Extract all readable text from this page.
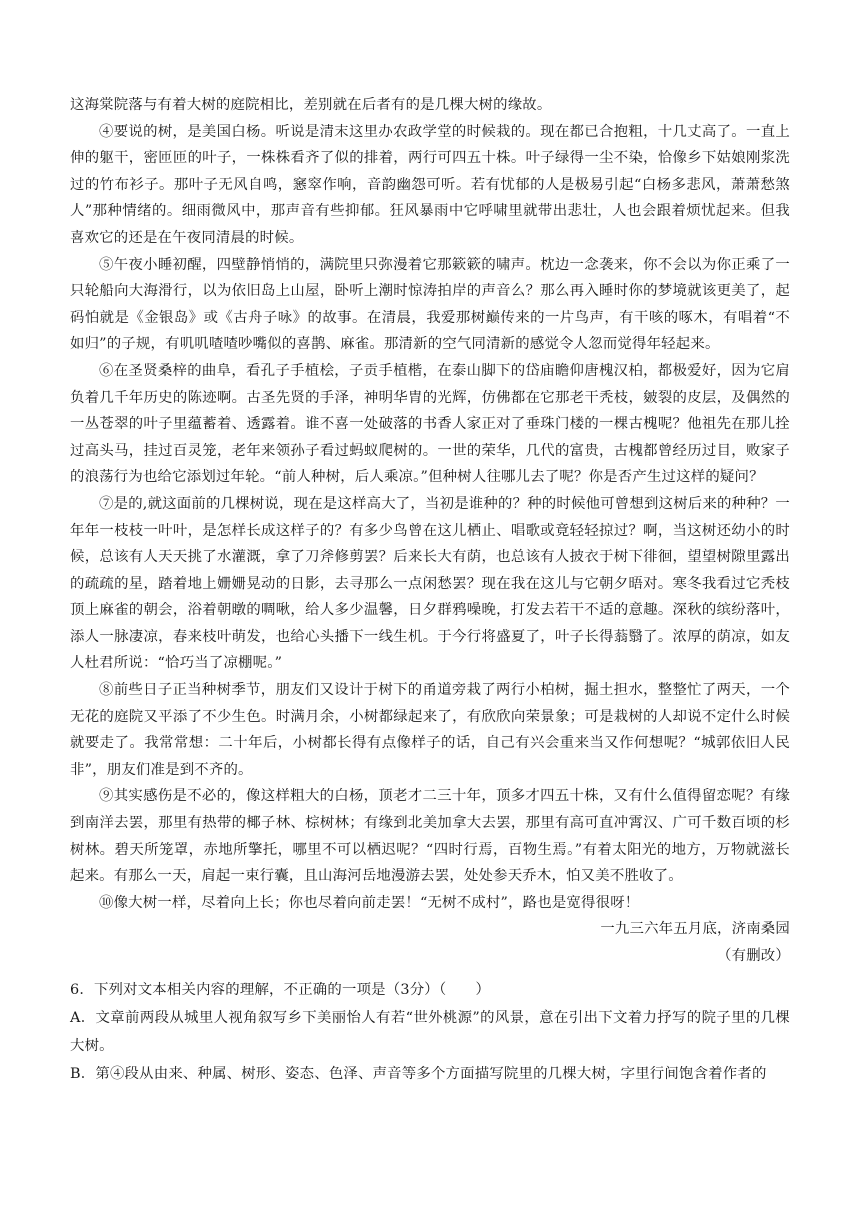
这海棠院落与有着大树的庭院相比，差别就在后者有的是几棵大树的缘故。

④要说的树，是美国白杨。听说是清末这里办农政学堂的时候栽的。现在都已合抱粗，十几丈高了。一直上伸的躯干，密匝匝的叶子，一株株看齐了似的排着，两行可四五十株。叶子绿得一尘不染，恰像乡下姑娘刚浆洗过的竹布衫子。那叶子无风自鸣，窸窣作响，音韵幽怨可听。若有忧郁的人是极易引起“白杨多悲风，萧萧愁煞人”那种情绪的。细雨微风中，那声音有些抑郁。狂风暴雨中它呼啸里就带出悲壮，人也会跟着烦忧起来。但我喜欢它的还是在午夜同清晨的时候。

⑤午夜小睡初醒，四壁静悄悄的，满院里只弥漫着它那簌簌的啸声。枕边一念袭来，你不会以为你正乘了一只轮船向大海滑行，以为依旧岛上山屋，卧听上潮时惊涛拍岸的声音么？那么再入睡时你的梦境就该更美了，起码怕就是《金银岛》或《古舟子咏》的故事。在清晨，我爱那树巅传来的一片鸟声，有干咳的啄木，有唱着“不如归”的子规，有叽叽喳喳吵嘴似的喜鹊、麻雀。那清新的空气同清新的感觉令人忽而觉得年轻起来。

⑥在圣贤桑梓的曲阜，看孔子手植桧，子贡手植楷，在泰山脚下的岱庙瞻仰唐槐汉柏，都极爱好，因为它肩负着几千年历史的陈迹啊。古圣先贤的手泽，神明华胄的光辉，仿佛都在它那老干秃枝，皴裂的皮层，及偶然的一丛苍翠的叶子里蕴蓄着、透露着。谁不喜一处破落的书香人家正对了垂珠门楼的一棵古槐呢？他祖先在那儿拴过高头马，挂过百灵笼，老年来领孙子看过蚂蚁爬树的。一世的荣华，几代的富贵，古槐都曾经历过目，败家子的浪荡行为也给它添划过年轮。“前人种树，后人乘凉。”但种树人往哪儿去了呢？你是否产生过这样的疑问？

⑦是的,就这面前的几棵树说，现在是这样高大了，当初是谁种的？种的时候他可曾想到这树后来的种种？一年年一枝枝一叶叶，是怎样长成这样子的？有多少鸟曾在这儿栖止、唱歌或竟轻轻掠过？啊，当这树还幼小的时候，总该有人天天挑了水灌溉，拿了刀斧修剪罢？后来长大有荫，也总该有人披衣于树下徘徊，望望树隙里露出的疏疏的星，踏着地上姗姗晃动的日影，去寻那么一点闲愁罢？现在我在这儿与它朝夕晤对。寒冬我看过它秃枝顶上麻雀的朝会，浴着朝暾的啁啾，给人多少温馨，日夕群鸦噪晚，打发去若干不适的意趣。深秋的缤纷落叶，添人一脉凄凉，春来枝叶萌发，也给心头播下一线生机。于今行将盛夏了，叶子长得蓊翳了。浓厚的荫凉，如友人杜君所说：“恰巧当了凉棚呢。”

⑧前些日子正当种树季节，朋友们又设计于树下的甬道旁栽了两行小柏树，掘土担水，整整忙了两天，一个无花的庭院又平添了不少生色。时满月余，小树都绿起来了，有欣欣向荣景象；可是栽树的人却说不定什么时候就要走了。我常常想：二十年后，小树都长得有点像样子的话，自己有兴会重来当又作何想呢？“城郭依旧人民非”，朋友们准是到不齐的。

⑨其实感伤是不必的，像这样粗大的白杨，顶老才二三十年，顶多才四五十株，又有什么值得留恋呢？有缘到南洋去罢，那里有热带的椰子林、棕树林；有缘到北美加拿大去罢，那里有高可直冲霄汉、广可千数百顷的杉树林。碧天所笼罩，赤地所擎托，哪里不可以栖迟呢？“四时行焉，百物生焉。”有着太阳光的地方，万物就滋长起来。有那么一天，肩起一束行囊，且山海河岳地漫游去罢，处处参天乔木，怕又美不胜收了。

⑩像大树一样，尽着向上长；你也尽着向前走罢！“无树不成村”，路也是宽得很呀！

一九三六年五月底，济南桑园

（有删改）

6．下列对文本相关内容的理解，不正确的一项是（3分）（　　）

A．文章前两段从城里人视角叙写乡下美丽怡人有若“世外桃源”的风景，意在引出下文着力抒写的院子里的几棵大树。

B．第④段从由来、种属、树形、姿态、色泽、声音等多个方面描写院里的几棵大树，字里行间饱含着作者的
